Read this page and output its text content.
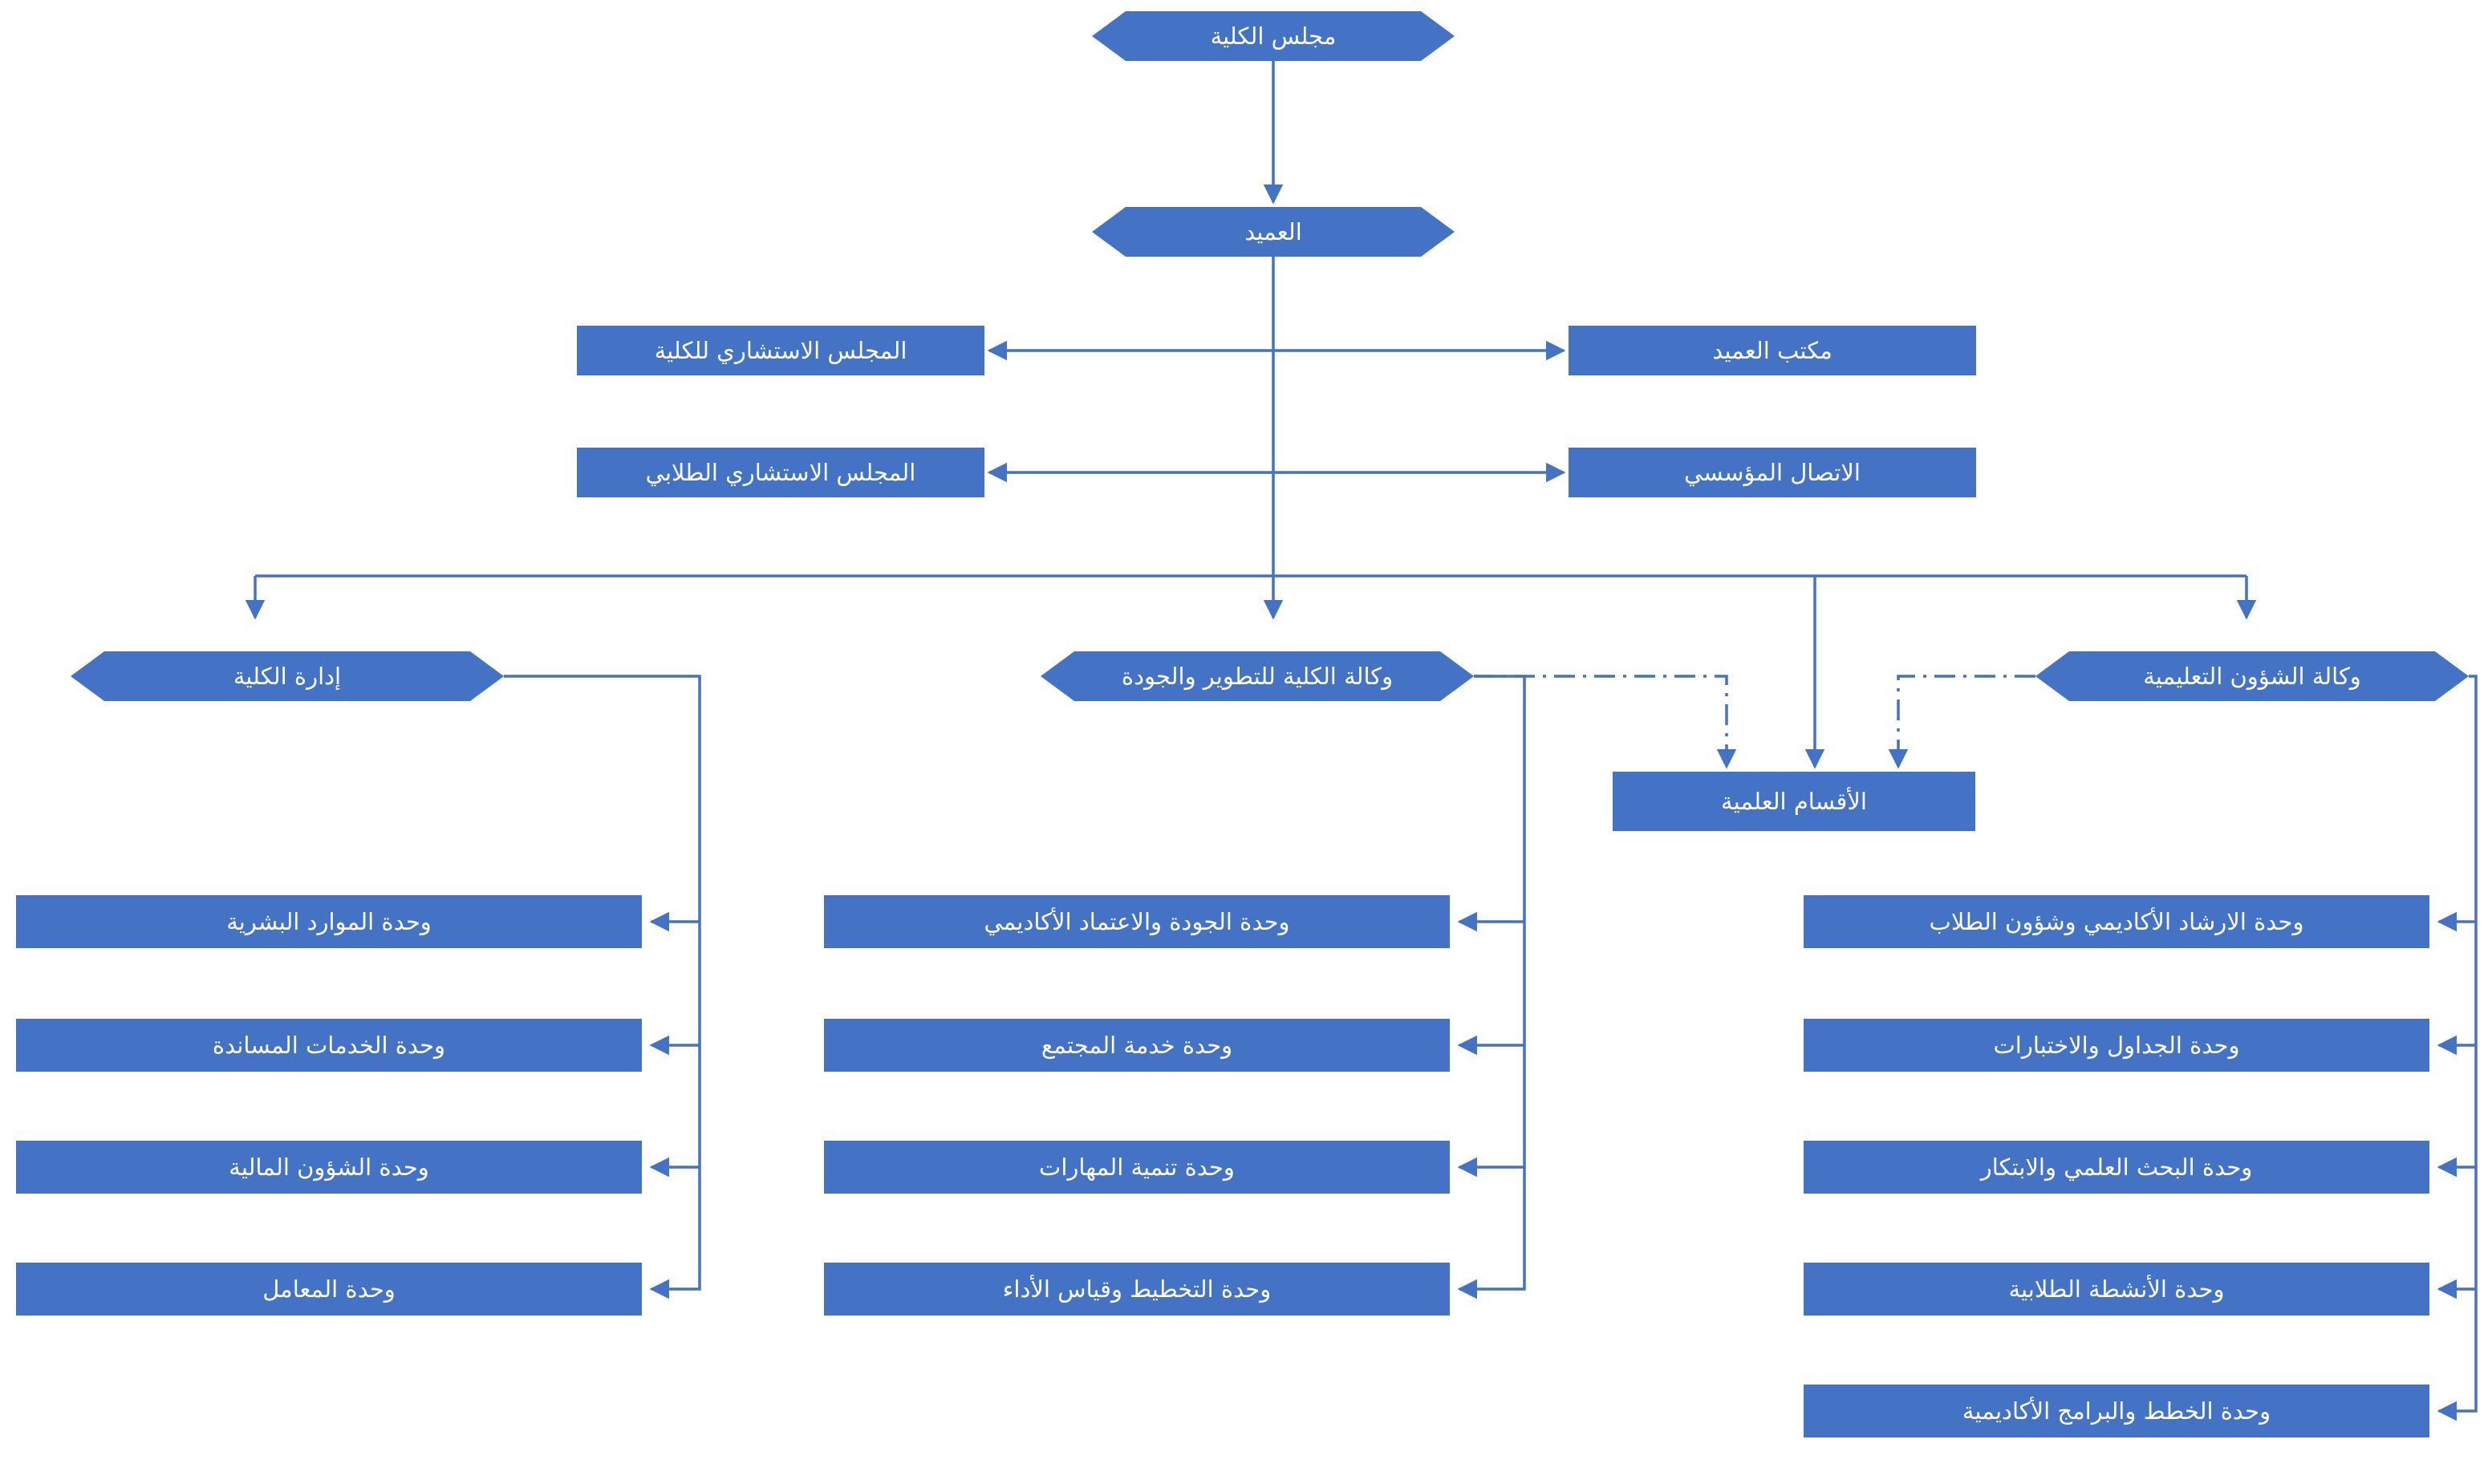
مجلس الكلية
العميد
المجلس الاستشاري للكلية	مكتب العميد
المجلس الاستشاري الطلابي	الاتصال المؤسسي
إدارة الكلية	وكالة الكلية للتطوير والجودة	وكالة الشؤون التعليمية
الأقسام العلمية
وحدة الموارد البشرية
وحدة الخدمات المساندة
وحدة الشؤون المالية
وحدة المعامل
وحدة الجودة والاعتماد الأكاديمي
وحدة خدمة المجتمع
وحدة تنمية المهارات
وحدة التخطيط وقياس الأداء
وحدة الارشاد الأكاديمي وشؤون الطلاب
وحدة الجداول والاختبارات
وحدة البحث العلمي والابتكار
وحدة الأنشطة الطلابية
وحدة الخطط والبرامج الأكاديمية
